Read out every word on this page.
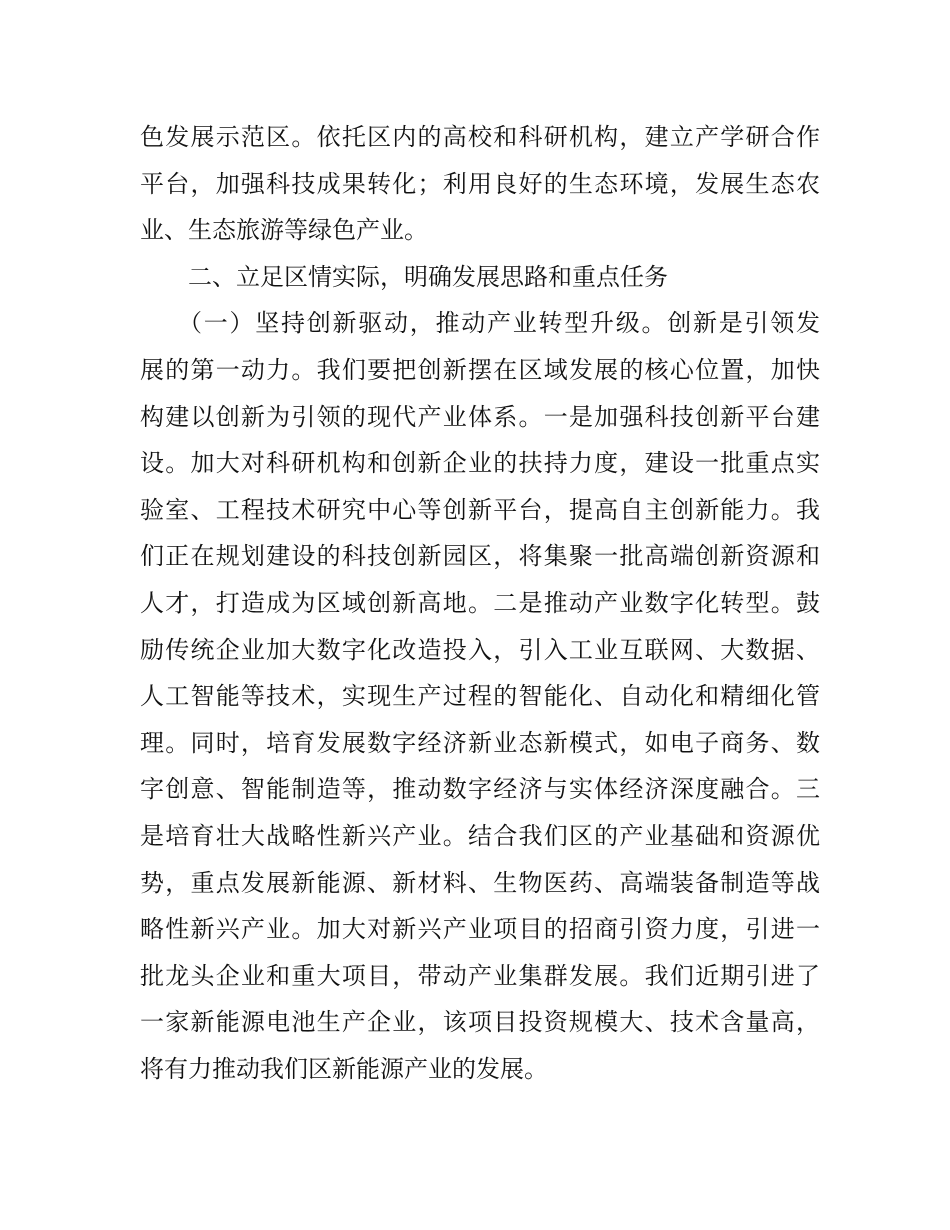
色发展示范区。依托区内的高校和科研机构，建立产学研合作
平台，加强科技成果转化；利用良好的生态环境，发展生态农
业、生态旅游等绿色产业。
二、立足区情实际，明确发展思路和重点任务
（一）坚持创新驱动，推动产业转型升级。创新是引领发
展的第一动力。我们要把创新摆在区域发展的核心位置，加快
构建以创新为引领的现代产业体系。一是加强科技创新平台建
设。加大对科研机构和创新企业的扶持力度，建设一批重点实
验室、工程技术研究中心等创新平台，提高自主创新能力。我
们正在规划建设的科技创新园区，将集聚一批高端创新资源和
人才，打造成为区域创新高地。二是推动产业数字化转型。鼓
励传统企业加大数字化改造投入，引入工业互联网、大数据、
人工智能等技术，实现生产过程的智能化、自动化和精细化管
理。同时，培育发展数字经济新业态新模式，如电子商务、数
字创意、智能制造等，推动数字经济与实体经济深度融合。三
是培育壮大战略性新兴产业。结合我们区的产业基础和资源优
势，重点发展新能源、新材料、生物医药、高端装备制造等战
略性新兴产业。加大对新兴产业项目的招商引资力度，引进一
批龙头企业和重大项目，带动产业集群发展。我们近期引进了
一家新能源电池生产企业，该项目投资规模大、技术含量高，
将有力推动我们区新能源产业的发展。
